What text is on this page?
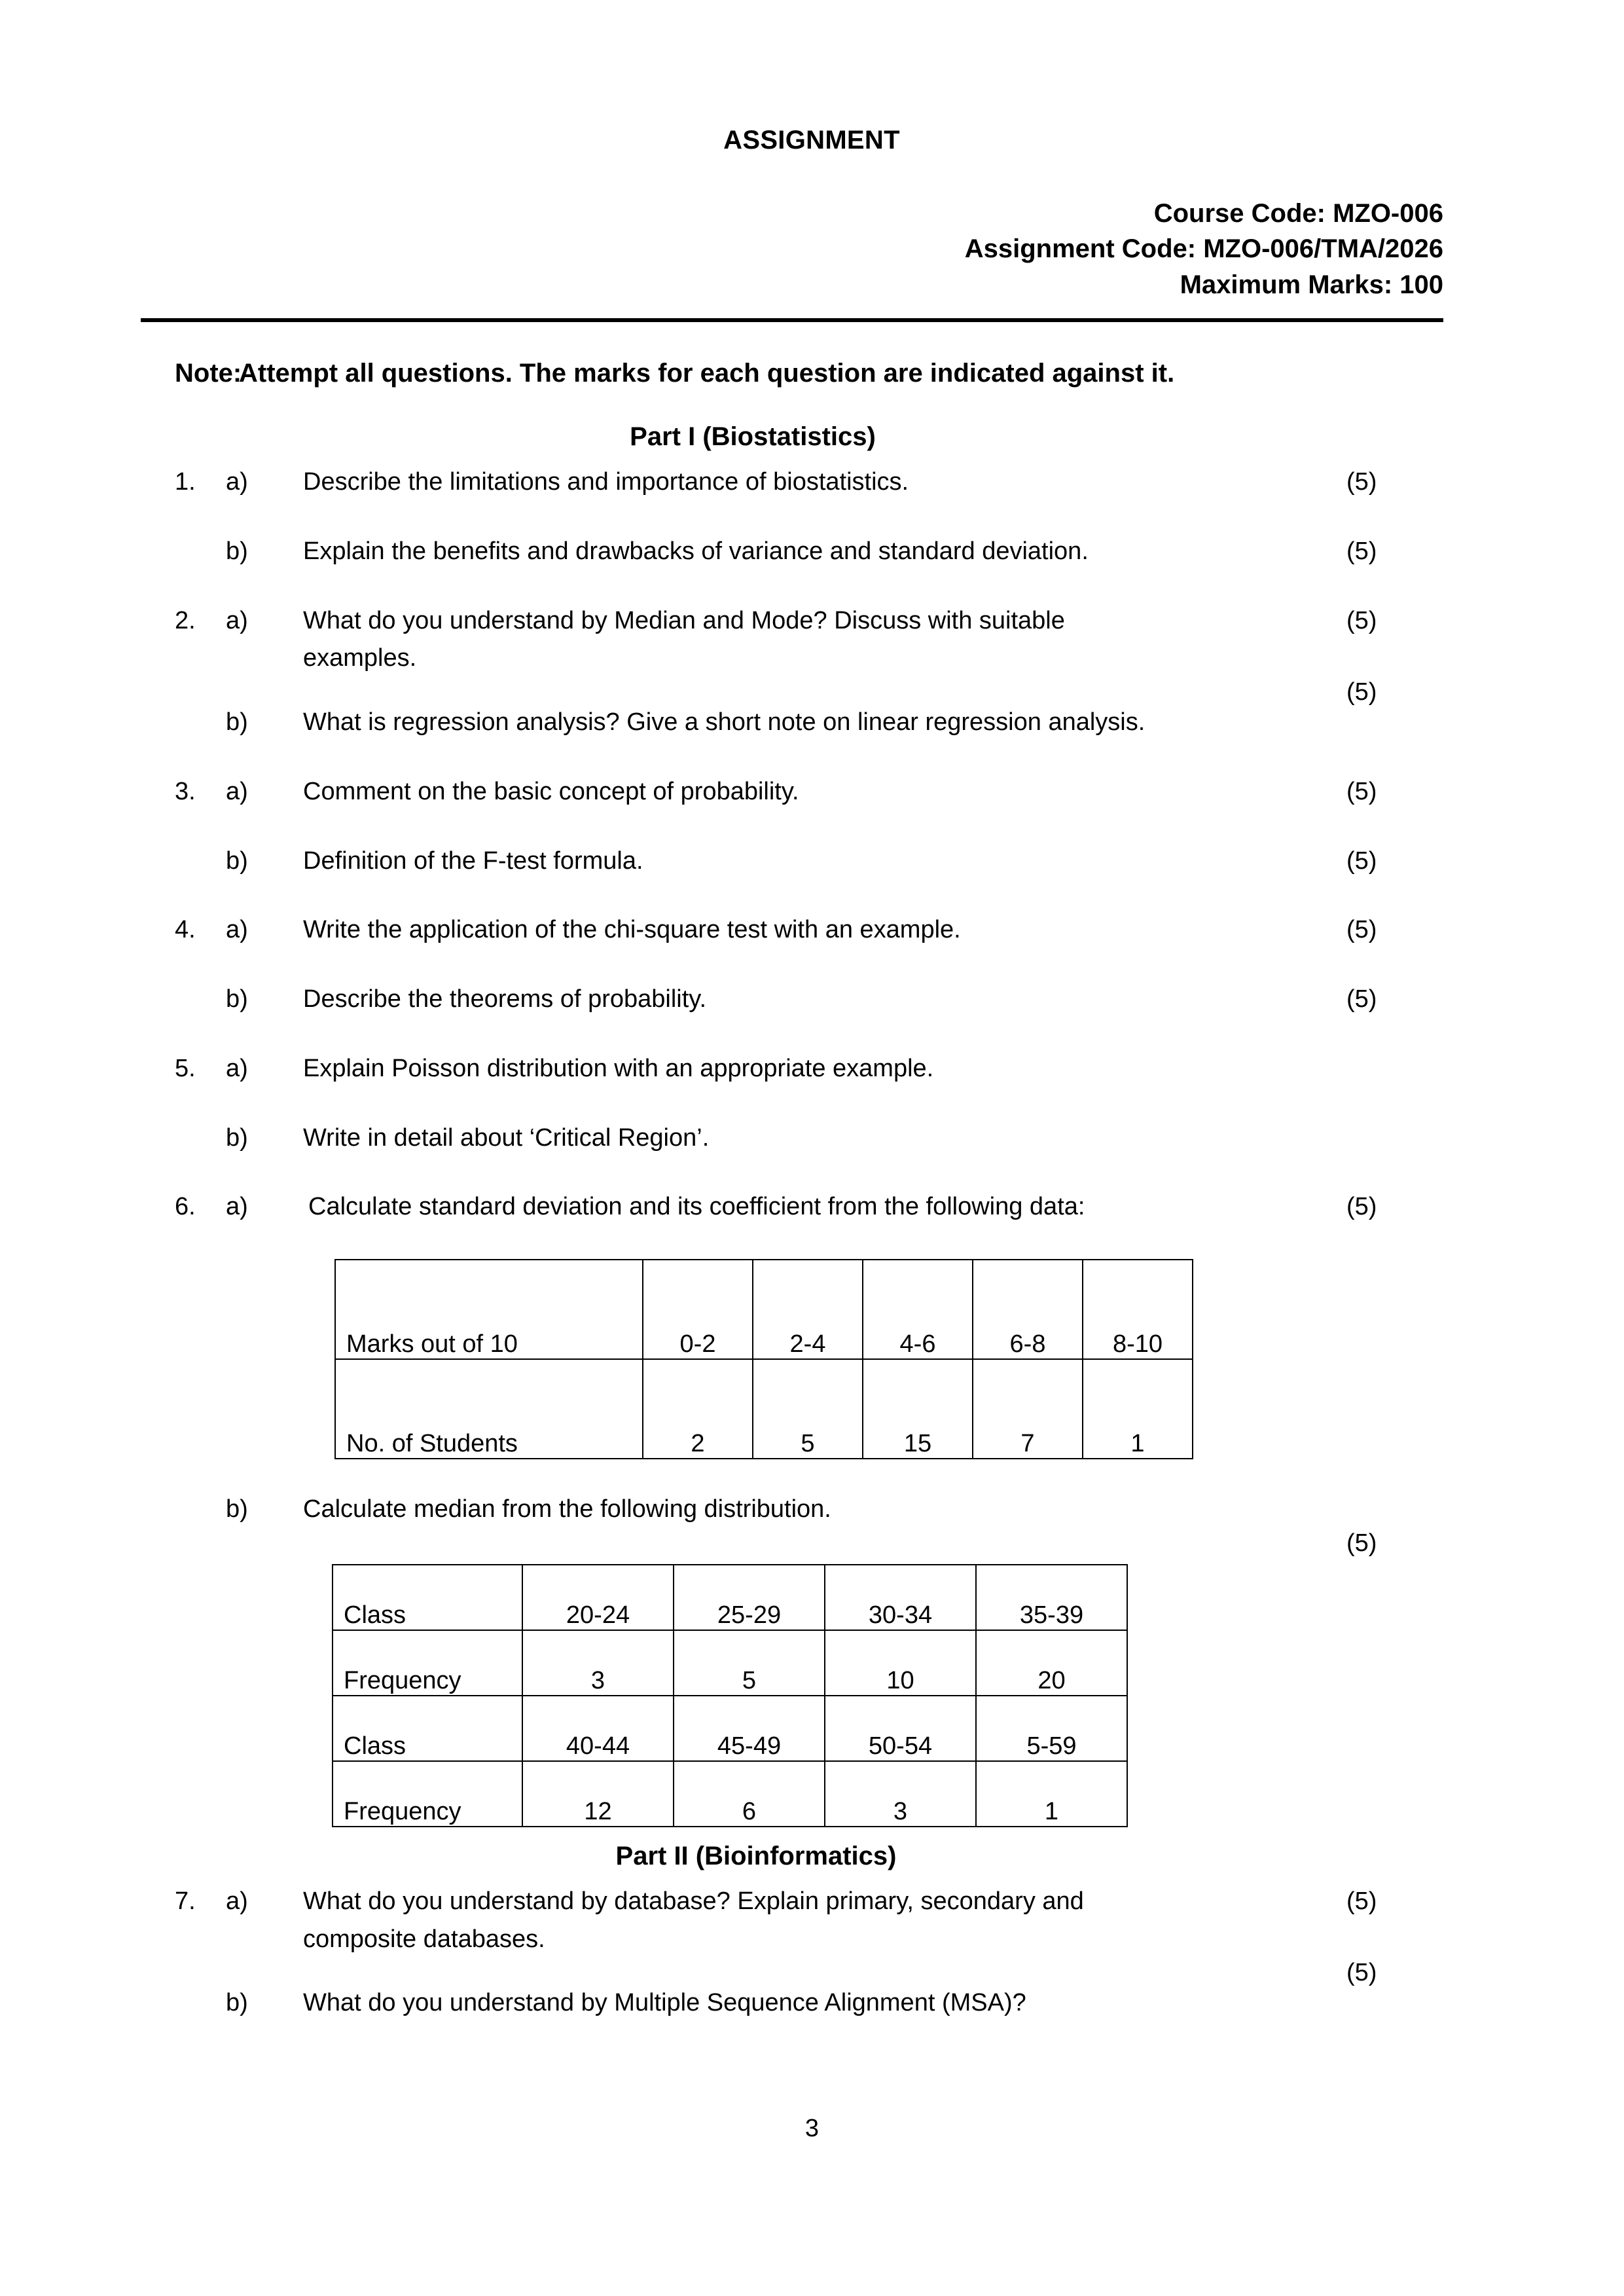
ASSIGNMENT
Course Code: MZO-006
Assignment Code: MZO-006/TMA/2026
Maximum Marks: 100
Note:
Attempt all questions. The marks for each question are indicated against it.
Part I (Biostatistics)
1.	a)	Describe the limitations and importance of biostatistics.	(5)
b)	Explain the benefits and drawbacks of variance and standard deviation.	(5)
2.	a)	What do you understand by Median and Mode? Discuss with suitable examples.
(5)
b)	What is regression analysis? Give a short note on linear regression analysis.
(5)
3.	a)	Comment on the basic concept of probability.	(5)
b)	Definition of the F-test formula.	(5)
4.	a)	Write the application of the chi-square test with an example.	(5)
b)	Describe the theorems of probability.	(5)
5.	a)	Explain Poisson distribution with an appropriate example.
b)	Write in detail about ‘Critical Region’.
6.	a)	Calculate standard deviation and its coefficient from the following data:	(5)
Marks out of 10	0-2	2-4	4-6	6-8	8-10
No. of Students	2	5	15	7	1
b)	Calculate median from the following distribution.
(5)
Class	20-24	25-29	30-34	35-39
Frequency	3	5	10	20
Class	40-44	45-49	50-54	5-59
Frequency	12	6	3	1
Part II (Bioinformatics)
7.	a)	What do you understand by database? Explain primary, secondary and composite databases.
(5)
b)	What do you understand by Multiple Sequence Alignment (MSA)?
(5)
3
